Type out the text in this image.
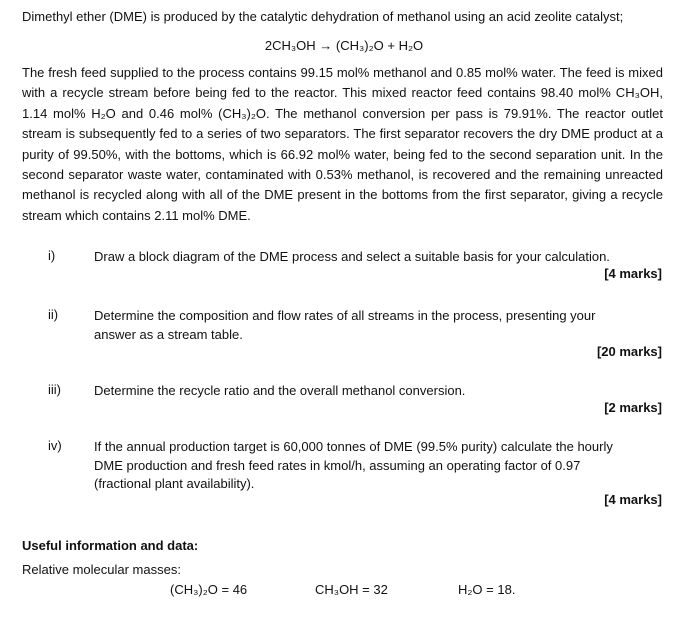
Dimethyl ether (DME) is produced by the catalytic dehydration of methanol using an acid zeolite catalyst;
2CH₃OH → (CH₃)₂O + H₂O
The fresh feed supplied to the process contains 99.15 mol% methanol and 0.85 mol% water. The feed is mixed with a recycle stream before being fed to the reactor. This mixed reactor feed contains 98.40 mol% CH₃OH, 1.14 mol% H₂O and 0.46 mol% (CH₃)₂O. The methanol conversion per pass is 79.91%. The reactor outlet stream is subsequently fed to a series of two separators. The first separator recovers the dry DME product at a purity of 99.50%, with the bottoms, which is 66.92 mol% water, being fed to the second separation unit. In the second separator waste water, contaminated with 0.53% methanol, is recovered and the remaining unreacted methanol is recycled along with all of the DME present in the bottoms from the first separator, giving a recycle stream which contains 2.11 mol% DME.
i)	Draw a block diagram of the DME process and select a suitable basis for your calculation.
[4 marks]
ii)	Determine the composition and flow rates of all streams in the process, presenting your answer as a stream table.
[20 marks]
iii)	Determine the recycle ratio and the overall methanol conversion.
[2 marks]
iv) If the annual production target is 60,000 tonnes of DME (99.5% purity) calculate the hourly DME production and fresh feed rates in kmol/h, assuming an operating factor of 0.97 (fractional plant availability).
[4 marks]
Useful information and data:
Relative molecular masses:
(CH₃)₂O = 46	CH₃OH = 32	H₂O = 18.
